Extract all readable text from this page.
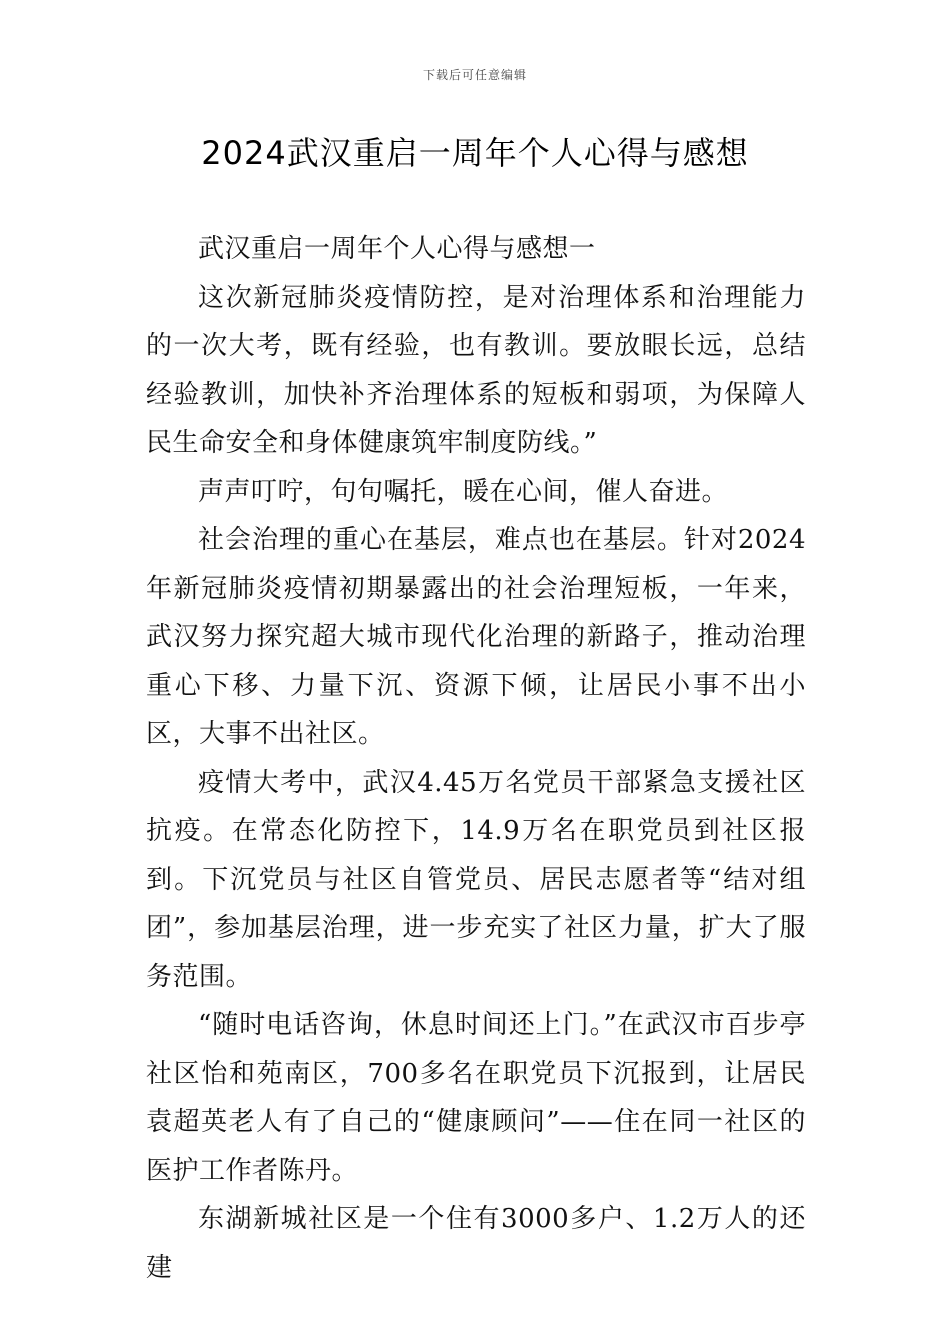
下载后可任意编辑
2024武汉重启一周年个人心得与感想

武汉重启一周年个人心得与感想一

这次新冠肺炎疫情防控，是对治理体系和治理能力的一次大考，既有经验，也有教训。要放眼长远，总结经验教训，加快补齐治理体系的短板和弱项，为保障人民生命安全和身体健康筑牢制度防线。”

声声叮咛，句句嘱托，暖在心间，催人奋进。

社会治理的重心在基层，难点也在基层。针对2024年新冠肺炎疫情初期暴露出的社会治理短板，一年来，武汉努力探究超大城市现代化治理的新路子，推动治理重心下移、力量下沉、资源下倾，让居民小事不出小区，大事不出社区。

疫情大考中，武汉4.45万名党员干部紧急支援社区抗疫。在常态化防控下，14.9万名在职党员到社区报到。下沉党员与社区自管党员、居民志愿者等“结对组团”，参加基层治理，进一步充实了社区力量，扩大了服务范围。

“随时电话咨询，休息时间还上门。”在武汉市百步亭社区怡和苑南区，700多名在职党员下沉报到，让居民袁超英老人有了自己的“健康顾问”——住在同一社区的医护工作者陈丹。

东湖新城社区是一个住有3000多户、1.2万人的还建
